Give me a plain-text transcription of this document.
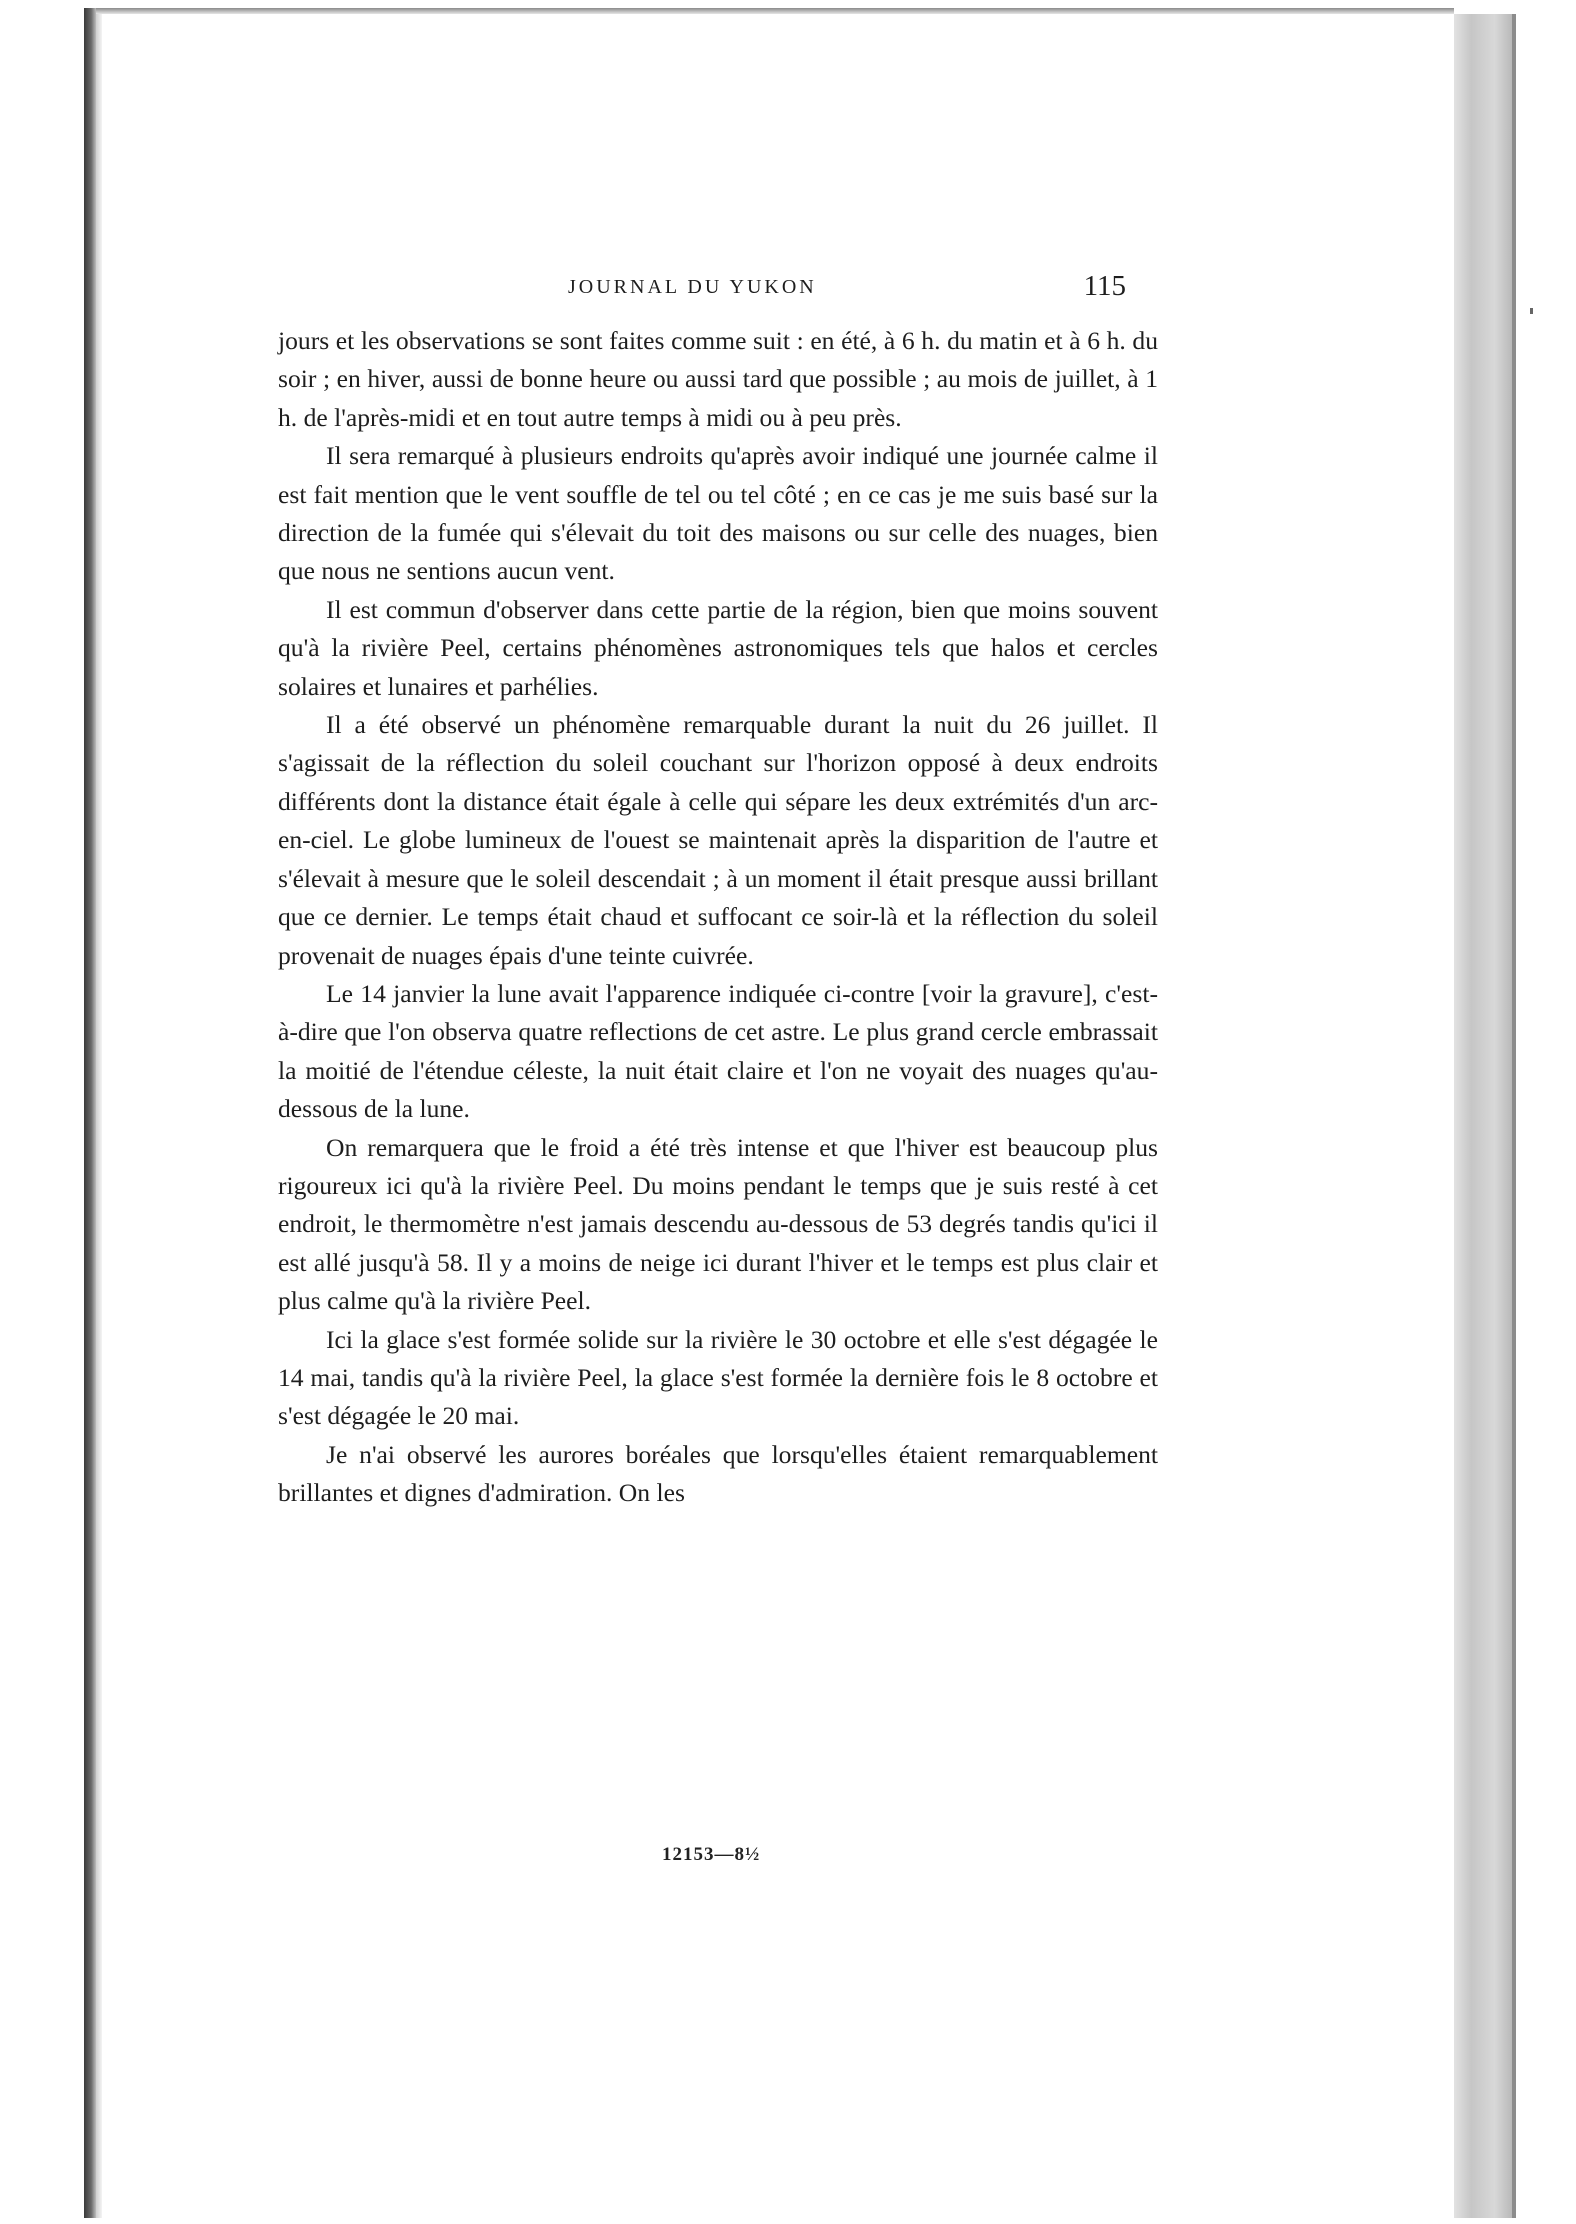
JOURNAL DU YUKON	115

jours et les observations se sont faites comme suit : en été, à 6 h. du matin et à 6 h. du soir ; en hiver, aussi de bonne heure ou aussi tard que possible ; au mois de juillet, à 1 h. de l'après-midi et en tout autre temps à midi ou à peu près.

Il sera remarqué à plusieurs endroits qu'après avoir indiqué une journée calme il est fait mention que le vent souffle de tel ou tel côté ; en ce cas je me suis basé sur la direction de la fumée qui s'élevait du toit des maisons ou sur celle des nuages, bien que nous ne sentions aucun vent.

Il est commun d'observer dans cette partie de la région, bien que moins souvent qu'à la rivière Peel, certains phénomènes astronomiques tels que halos et cercles solaires et lunaires et parhélies.

Il a été observé un phénomène remarquable durant la nuit du 26 juillet. Il s'agissait de la réflection du soleil couchant sur l'horizon opposé à deux endroits différents dont la distance était égale à celle qui sépare les deux extrémités d'un arc-en-ciel. Le globe lumineux de l'ouest se maintenait après la disparition de l'autre et s'élevait à mesure que le soleil descendait ; à un moment il était presque aussi brillant que ce dernier. Le temps était chaud et suffocant ce soir-là et la réflection du soleil provenait de nuages épais d'une teinte cuivrée.

Le 14 janvier la lune avait l'apparence indiquée ci-contre [voir la gravure], c'est-à-dire que l'on observa quatre reflections de cet astre. Le plus grand cercle embrassait la moitié de l'étendue céleste, la nuit était claire et l'on ne voyait des nuages qu'au-dessous de la lune.

On remarquera que le froid a été très intense et que l'hiver est beaucoup plus rigoureux ici qu'à la rivière Peel. Du moins pendant le temps que je suis resté à cet endroit, le thermomètre n'est jamais descendu au-dessous de 53 degrés tandis qu'ici il est allé jusqu'à 58. Il y a moins de neige ici durant l'hiver et le temps est plus clair et plus calme qu'à la rivière Peel.

Ici la glace s'est formée solide sur la rivière le 30 octobre et elle s'est dégagée le 14 mai, tandis qu'à la rivière Peel, la glace s'est formée la dernière fois le 8 octobre et s'est dégagée le 20 mai.

Je n'ai observé les aurores boréales que lorsqu'elles étaient remarquablement brillantes et dignes d'admiration. On les

12153—8½
